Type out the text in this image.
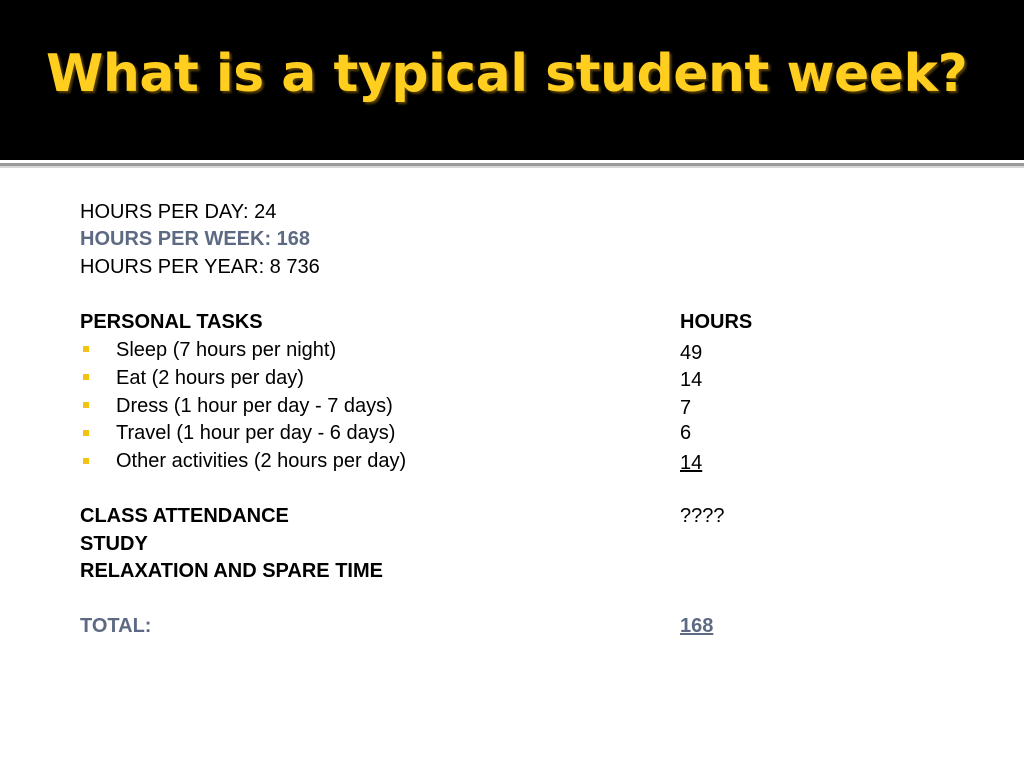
What is a typical student week?
HOURS PER DAY: 24
HOURS PER WEEK: 168
HOURS PER YEAR: 8 736
PERSONAL TASKS	HOURS
Sleep (7 hours per night)	49
Eat (2 hours per day)	14
Dress (1 hour per day - 7 days)	7
Travel (1 hour per day - 6 days)	6
Other activities (2 hours per day)	14
CLASS ATTENDANCE	????
STUDY
RELAXATION AND SPARE TIME
TOTAL:	168
